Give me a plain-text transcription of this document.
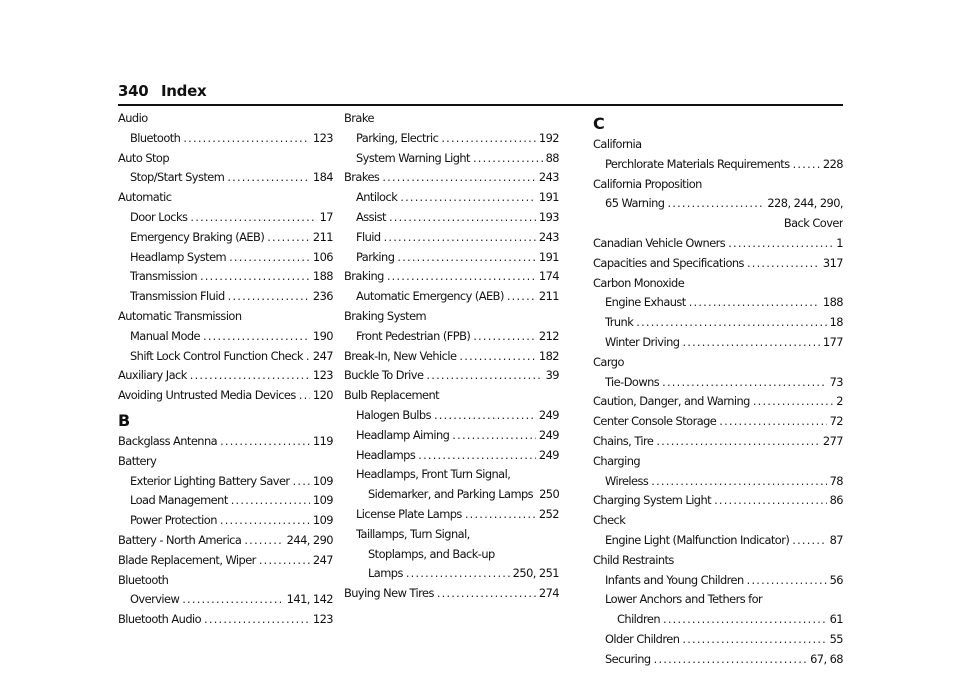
340 Index
Audio
Bluetooth .....	123
Auto Stop
Stop/Start System .....	184
Automatic
Door Locks .....	17
Emergency Braking (AEB) .....	211
Headlamp System .....	106
Transmission .....	188
Transmission Fluid .....	236
Automatic Transmission
Manual Mode .....	190
Shift Lock Control Function Check ..... 247
Auxiliary Jack .....	123
Avoiding Untrusted Media Devices ..... 120
B
Backglass Antenna .....	119
Battery
Exterior Lighting Battery Saver ..... 109
Load Management .....	109
Power Protection .....	109
Battery - North America .....	244, 290
Blade Replacement, Wiper .....	247
Bluetooth
Overview .....	141, 142
Bluetooth Audio .....	123
Brake
Parking, Electric .....	192
System Warning Light .....	88
Brakes .....	243
Antilock .....	191
Assist .....	193
Fluid .....	243
Parking .....	191
Braking .....	174
Automatic Emergency (AEB) .....	211
Braking System
Front Pedestrian (FPB) .....	212
Break-In, New Vehicle .....	182
Buckle To Drive .....	39
Bulb Replacement
Halogen Bulbs .....	249
Headlamp Aiming .....	249
Headlamps .....	249
Headlamps, Front Turn Signal,
Sidemarker, and Parking Lamps 250
License Plate Lamps .....	252
Taillamps, Turn Signal,
Stoplamps, and Back-up
Lamps .....	250, 251
Buying New Tires .....	274
C
California
Perchlorate Materials Requirements .....	228
California Proposition
65 Warning .....	228, 244, 290,
Back Cover
Canadian Vehicle Owners .....	1
Capacities and Specifications .....	317
Carbon Monoxide
Engine Exhaust .....	188
Trunk .....	18
Winter Driving .....	177
Cargo
Tie-Downs .....	73
Caution, Danger, and Warning .....	2
Center Console Storage .....	72
Chains, Tire .....	277
Charging
Wireless .....	78
Charging System Light .....	86
Check
Engine Light (Malfunction Indicator) .....	87
Child Restraints
Infants and Young Children .....	56
Lower Anchors and Tethers for
Children .....	61
Older Children .....	55
Securing .....	67, 68
